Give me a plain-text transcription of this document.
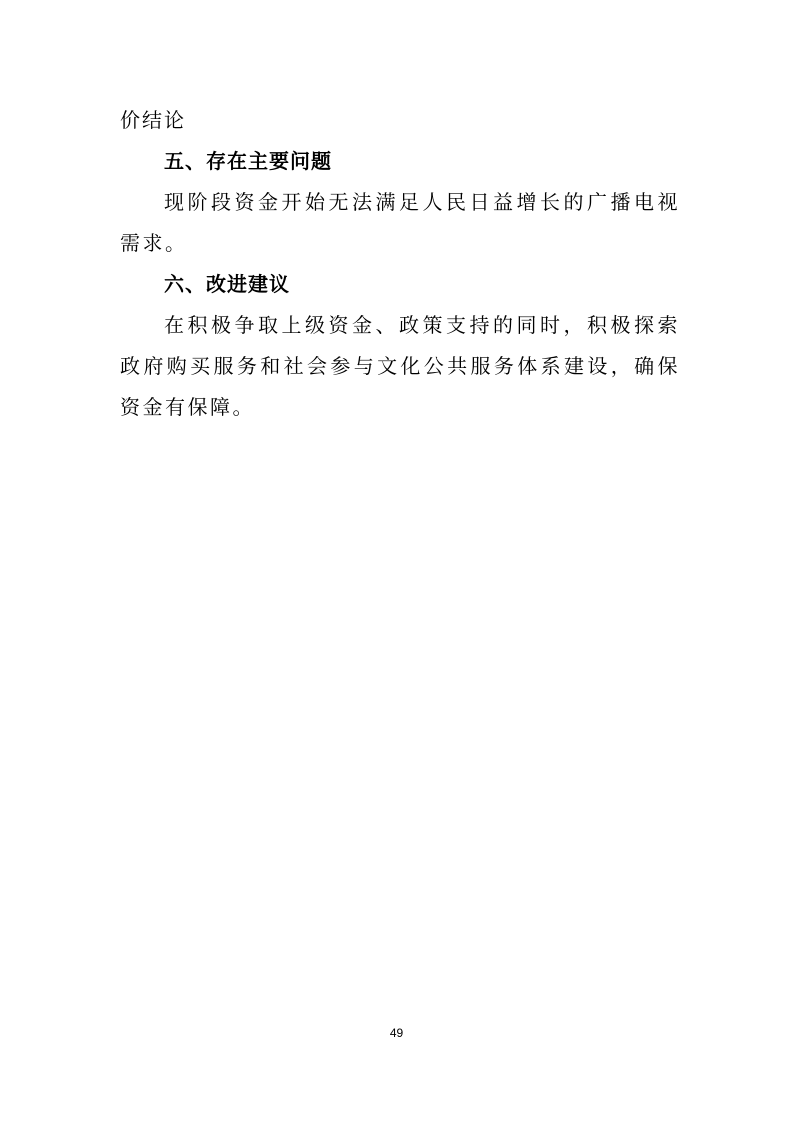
价结论

五、存在主要问题

现阶段资金开始无法满足人民日益增长的广播电视需求。

六、改进建议

在积极争取上级资金、政策支持的同时，积极探索政府购买服务和社会参与文化公共服务体系建设，确保资金有保障。

49
